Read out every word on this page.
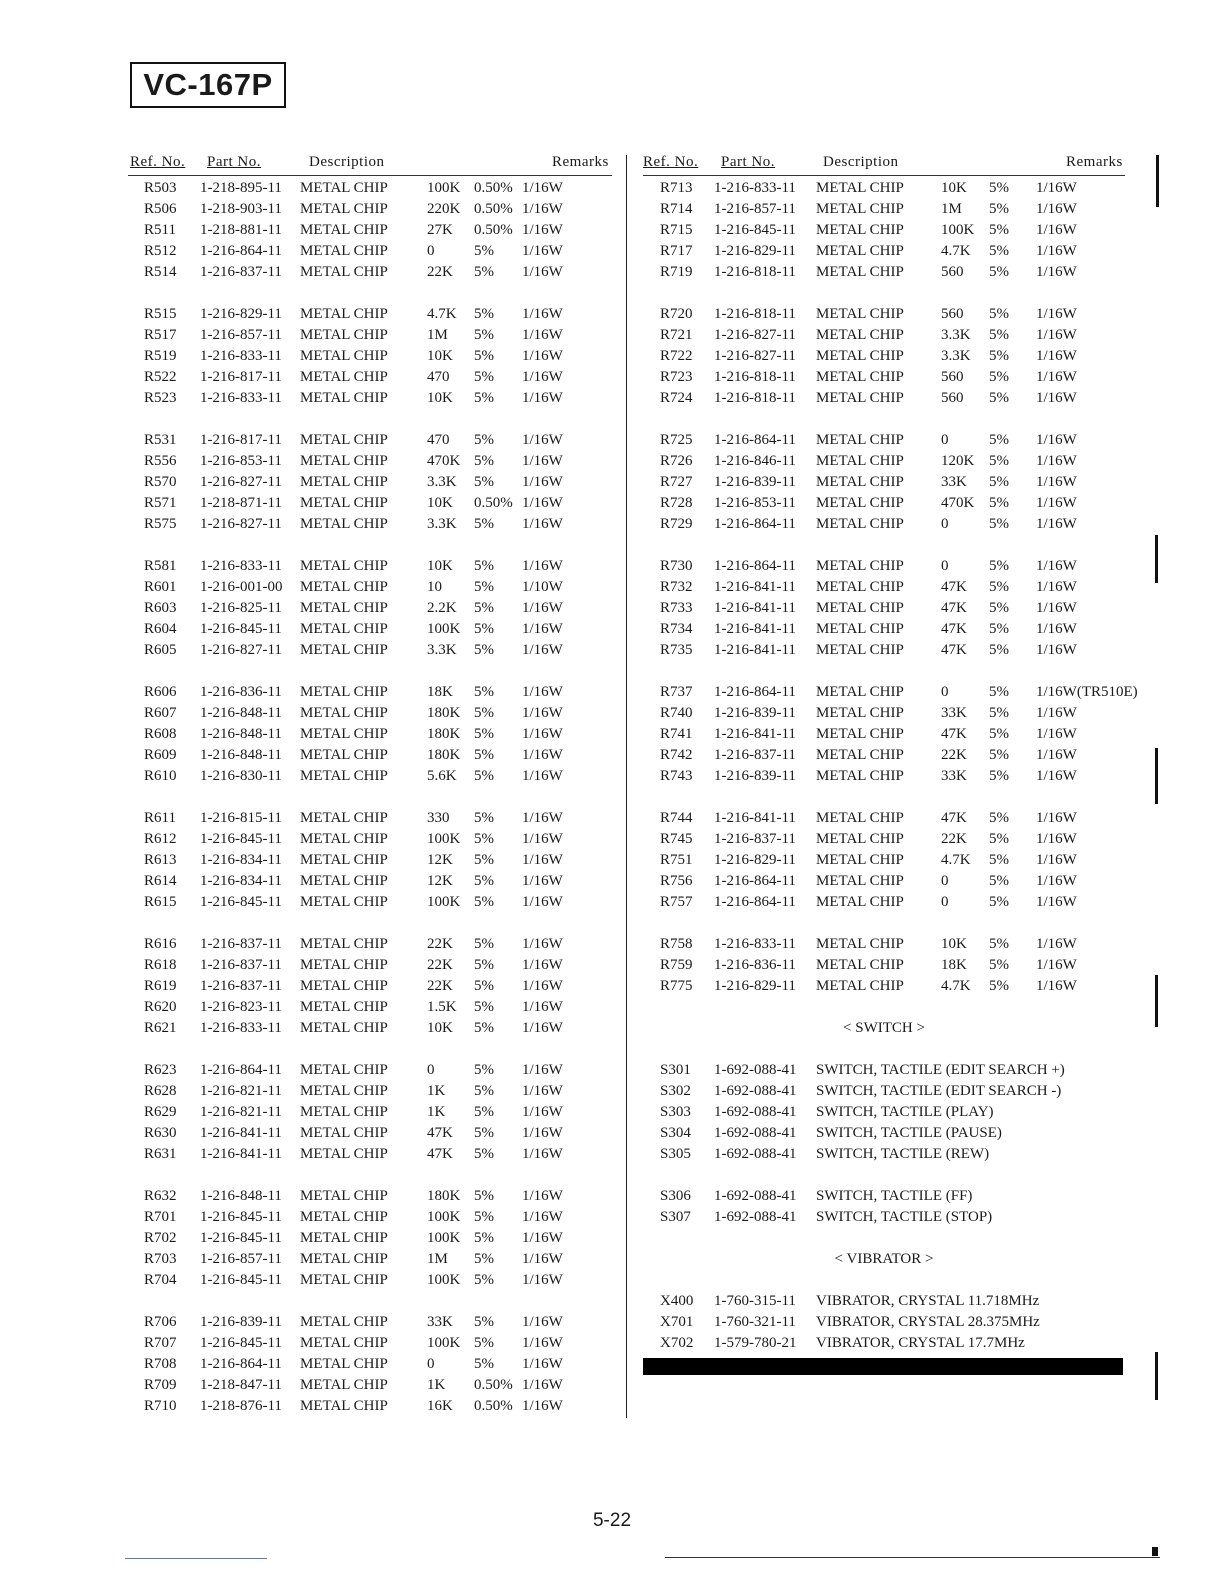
VC-167P
Ref. No. Part No.	Description	Remarks
R503 1-218-895-11 METAL CHIP	100K 0.50% 1/16W
R506 1-218-903-11 METAL CHIP	220K 0.50% 1/16W
R511 1-218-881-11 METAL CHIP	27K 0.50% 1/16W
R512 1-216-864-11 METAL CHIP	0	5% 1/16W
R514 1-216-837-11 METAL CHIP	22K 5% 1/16W
R515 1-216-829-11 METAL CHIP	4.7K 5% 1/16W
R517 1-216-857-11 METAL CHIP	1M 5% 1/16W
R519 1-216-833-11 METAL CHIP	10K 5% 1/16W
R522 1-216-817-11 METAL CHIP	470 5% 1/16W
R523 1-216-833-11 METAL CHIP	10K 5% 1/16W
R531 1-216-817-11 METAL CHIP	470 5% 1/16W
R556 1-216-853-11 METAL CHIP	470K 5% 1/16W
R570 1-216-827-11 METAL CHIP	3.3K 5% 1/16W
R571 1-218-871-11 METAL CHIP	10K 0.50% 1/16W
R575 1-216-827-11 METAL CHIP	3.3K 5% 1/16W
R581 1-216-833-11 METAL CHIP	10K 5% 1/16W
R601 1-216-001-00 METAL CHIP	10 5% 1/10W
R603 1-216-825-11 METAL CHIP	2.2K 5% 1/16W
R604 1-216-845-11 METAL CHIP	100K 5% 1/16W
R605 1-216-827-11 METAL CHIP	3.3K 5% 1/16W
R606 1-216-836-11 METAL CHIP	18K 5% 1/16W
R607 1-216-848-11 METAL CHIP	180K 5% 1/16W
R608 1-216-848-11 METAL CHIP	180K 5% 1/16W
R609 1-216-848-11 METAL CHIP	180K 5% 1/16W
R610 1-216-830-11 METAL CHIP	5.6K 5% 1/16W
R611 1-216-815-11 METAL CHIP	330 5% 1/16W
R612 1-216-845-11 METAL CHIP	100K 5% 1/16W
R613 1-216-834-11 METAL CHIP	12K 5% 1/16W
R614 1-216-834-11 METAL CHIP	12K 5% 1/16W
R615 1-216-845-11 METAL CHIP	100K 5% 1/16W
R616 1-216-837-11 METAL CHIP	22K 5% 1/16W
R618 1-216-837-11 METAL CHIP	22K 5% 1/16W
R619 1-216-837-11 METAL CHIP	22K 5% 1/16W
R620 1-216-823-11 METAL CHIP	1.5K 5% 1/16W
R621 1-216-833-11 METAL CHIP	10K 5% 1/16W
R623 1-216-864-11 METAL CHIP	0	5% 1/16W
R628 1-216-821-11 METAL CHIP	1K 5% 1/16W
R629 1-216-821-11 METAL CHIP	1K 5% 1/16W
R630 1-216-841-11 METAL CHIP	47K 5% 1/16W
R631 1-216-841-11 METAL CHIP	47K 5% 1/16W
R632 1-216-848-11 METAL CHIP	180K 5% 1/16W
R701 1-216-845-11 METAL CHIP	100K 5% 1/16W
R702 1-216-845-11 METAL CHIP	100K 5% 1/16W
R703 1-216-857-11 METAL CHIP	1M 5% 1/16W
R704 1-216-845-11 METAL CHIP	100K 5% 1/16W
R706 1-216-839-11 METAL CHIP	33K 5% 1/16W
R707 1-216-845-11 METAL CHIP	100K 5% 1/16W
R708 1-216-864-11 METAL CHIP	0	5% 1/16W
R709 1-218-847-11 METAL CHIP	1K 0.50% 1/16W
R710 1-218-876-11 METAL CHIP	16K 0.50% 1/16W
Ref. No. Part No.	Description	Remarks
R713 1-216-833-11 METAL CHIP 10K 5% 1/16W
R714 1-216-857-11 METAL CHIP 1M 5% 1/16W
R715 1-216-845-11 METAL CHIP 100K 5% 1/16W
R717 1-216-829-11 METAL CHIP 4.7K 5% 1/16W
R719 1-216-818-11 METAL CHIP 560 5% 1/16W
R720 1-216-818-11 METAL CHIP 560 5% 1/16W
R721 1-216-827-11 METAL CHIP 3.3K 5% 1/16W
R722 1-216-827-11 METAL CHIP 3.3K 5% 1/16W
R723 1-216-818-11 METAL CHIP 560 5% 1/16W
R724 1-216-818-11 METAL CHIP 560 5% 1/16W
R725 1-216-864-11 METAL CHIP 0	5% 1/16W
R726 1-216-846-11 METAL CHIP 120K 5% 1/16W
R727 1-216-839-11 METAL CHIP 33K 5% 1/16W
R728 1-216-853-11 METAL CHIP 470K 5% 1/16W
R729 1-216-864-11 METAL CHIP 0	5% 1/16W
R730 1-216-864-11 METAL CHIP 0	5% 1/16W
R732 1-216-841-11 METAL CHIP 47K 5% 1/16W
R733 1-216-841-11 METAL CHIP 47K 5% 1/16W
R734 1-216-841-11 METAL CHIP 47K 5% 1/16W
R735 1-216-841-11 METAL CHIP 47K 5% 1/16W
R737 1-216-864-11 METAL CHIP 0	5% 1/16W(TR510E)
R740 1-216-839-11 METAL CHIP 33K 5% 1/16W
R741 1-216-841-11 METAL CHIP 47K 5% 1/16W
R742 1-216-837-11 METAL CHIP 22K 5% 1/16W
R743 1-216-839-11 METAL CHIP 33K 5% 1/16W
R744 1-216-841-11 METAL CHIP 47K 5% 1/16W
R745 1-216-837-11 METAL CHIP 22K 5% 1/16W
R751 1-216-829-11 METAL CHIP 4.7K 5% 1/16W
R756 1-216-864-11 METAL CHIP 0	5% 1/16W
R757 1-216-864-11 METAL CHIP 0	5% 1/16W
R758 1-216-833-11 METAL CHIP 10K 5% 1/16W
R759 1-216-836-11 METAL CHIP 18K 5% 1/16W
R775 1-216-829-11 METAL CHIP 4.7K 5% 1/16W
< SWITCH >
S301 1-692-088-41 SWITCH, TACTILE (EDIT SEARCH +)
S302 1-692-088-41 SWITCH, TACTILE (EDIT SEARCH -)
S303 1-692-088-41 SWITCH, TACTILE (PLAY)
S304 1-692-088-41 SWITCH, TACTILE (PAUSE)
S305 1-692-088-41 SWITCH, TACTILE (REW)
S306 1-692-088-41 SWITCH, TACTILE (FF)
S307 1-692-088-41 SWITCH, TACTILE (STOP)
< VIBRATOR >
X400 1-760-315-11 VIBRATOR, CRYSTAL 11.718MHz
X701 1-760-321-11 VIBRATOR, CRYSTAL 28.375MHz
X702 1-579-780-21 VIBRATOR, CRYSTAL 17.7MHz
5-22
